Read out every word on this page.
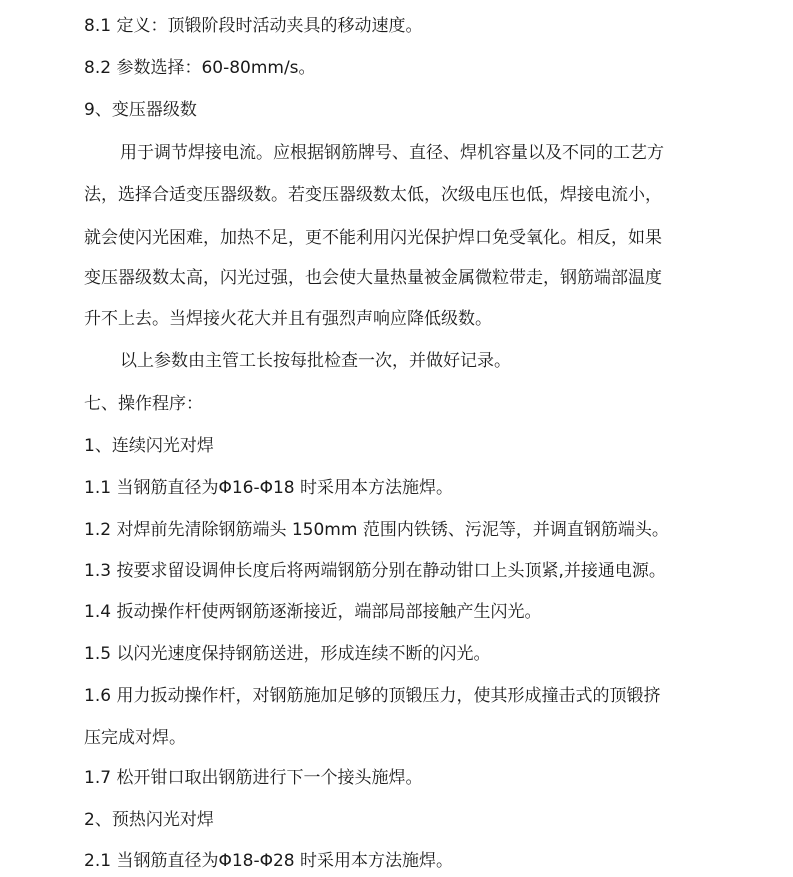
8.1 定义：顶锻阶段时活动夹具的移动速度。
8.2 参数选择：60-80mm/s。
9、变压器级数
用于调节焊接电流。应根据钢筋牌号、直径、焊机容量以及不同的工艺方
法，选择合适变压器级数。若变压器级数太低，次级电压也低，焊接电流小，
就会使闪光困难，加热不足，更不能利用闪光保护焊口免受氧化。相反，如果
变压器级数太高，闪光过强，也会使大量热量被金属微粒带走，钢筋端部温度
升不上去。当焊接火花大并且有强烈声响应降低级数。
以上参数由主管工长按每批检查一次，并做好记录。
七、操作程序：
1、连续闪光对焊
1.1 当钢筋直径为Φ16-Φ18 时采用本方法施焊。
1.2 对焊前先清除钢筋端头 150mm 范围内铁锈、污泥等，并调直钢筋端头。
1.3 按要求留设调伸长度后将两端钢筋分别在静动钳口上头顶紧,并接通电源。
1.4 扳动操作杆使两钢筋逐渐接近，端部局部接触产生闪光。
1.5 以闪光速度保持钢筋送进，形成连续不断的闪光。
1.6 用力扳动操作杆，对钢筋施加足够的顶锻压力，使其形成撞击式的顶锻挤
压完成对焊。
1.7 松开钳口取出钢筋进行下一个接头施焊。
2、预热闪光对焊
2.1 当钢筋直径为Φ18-Φ28 时采用本方法施焊。
